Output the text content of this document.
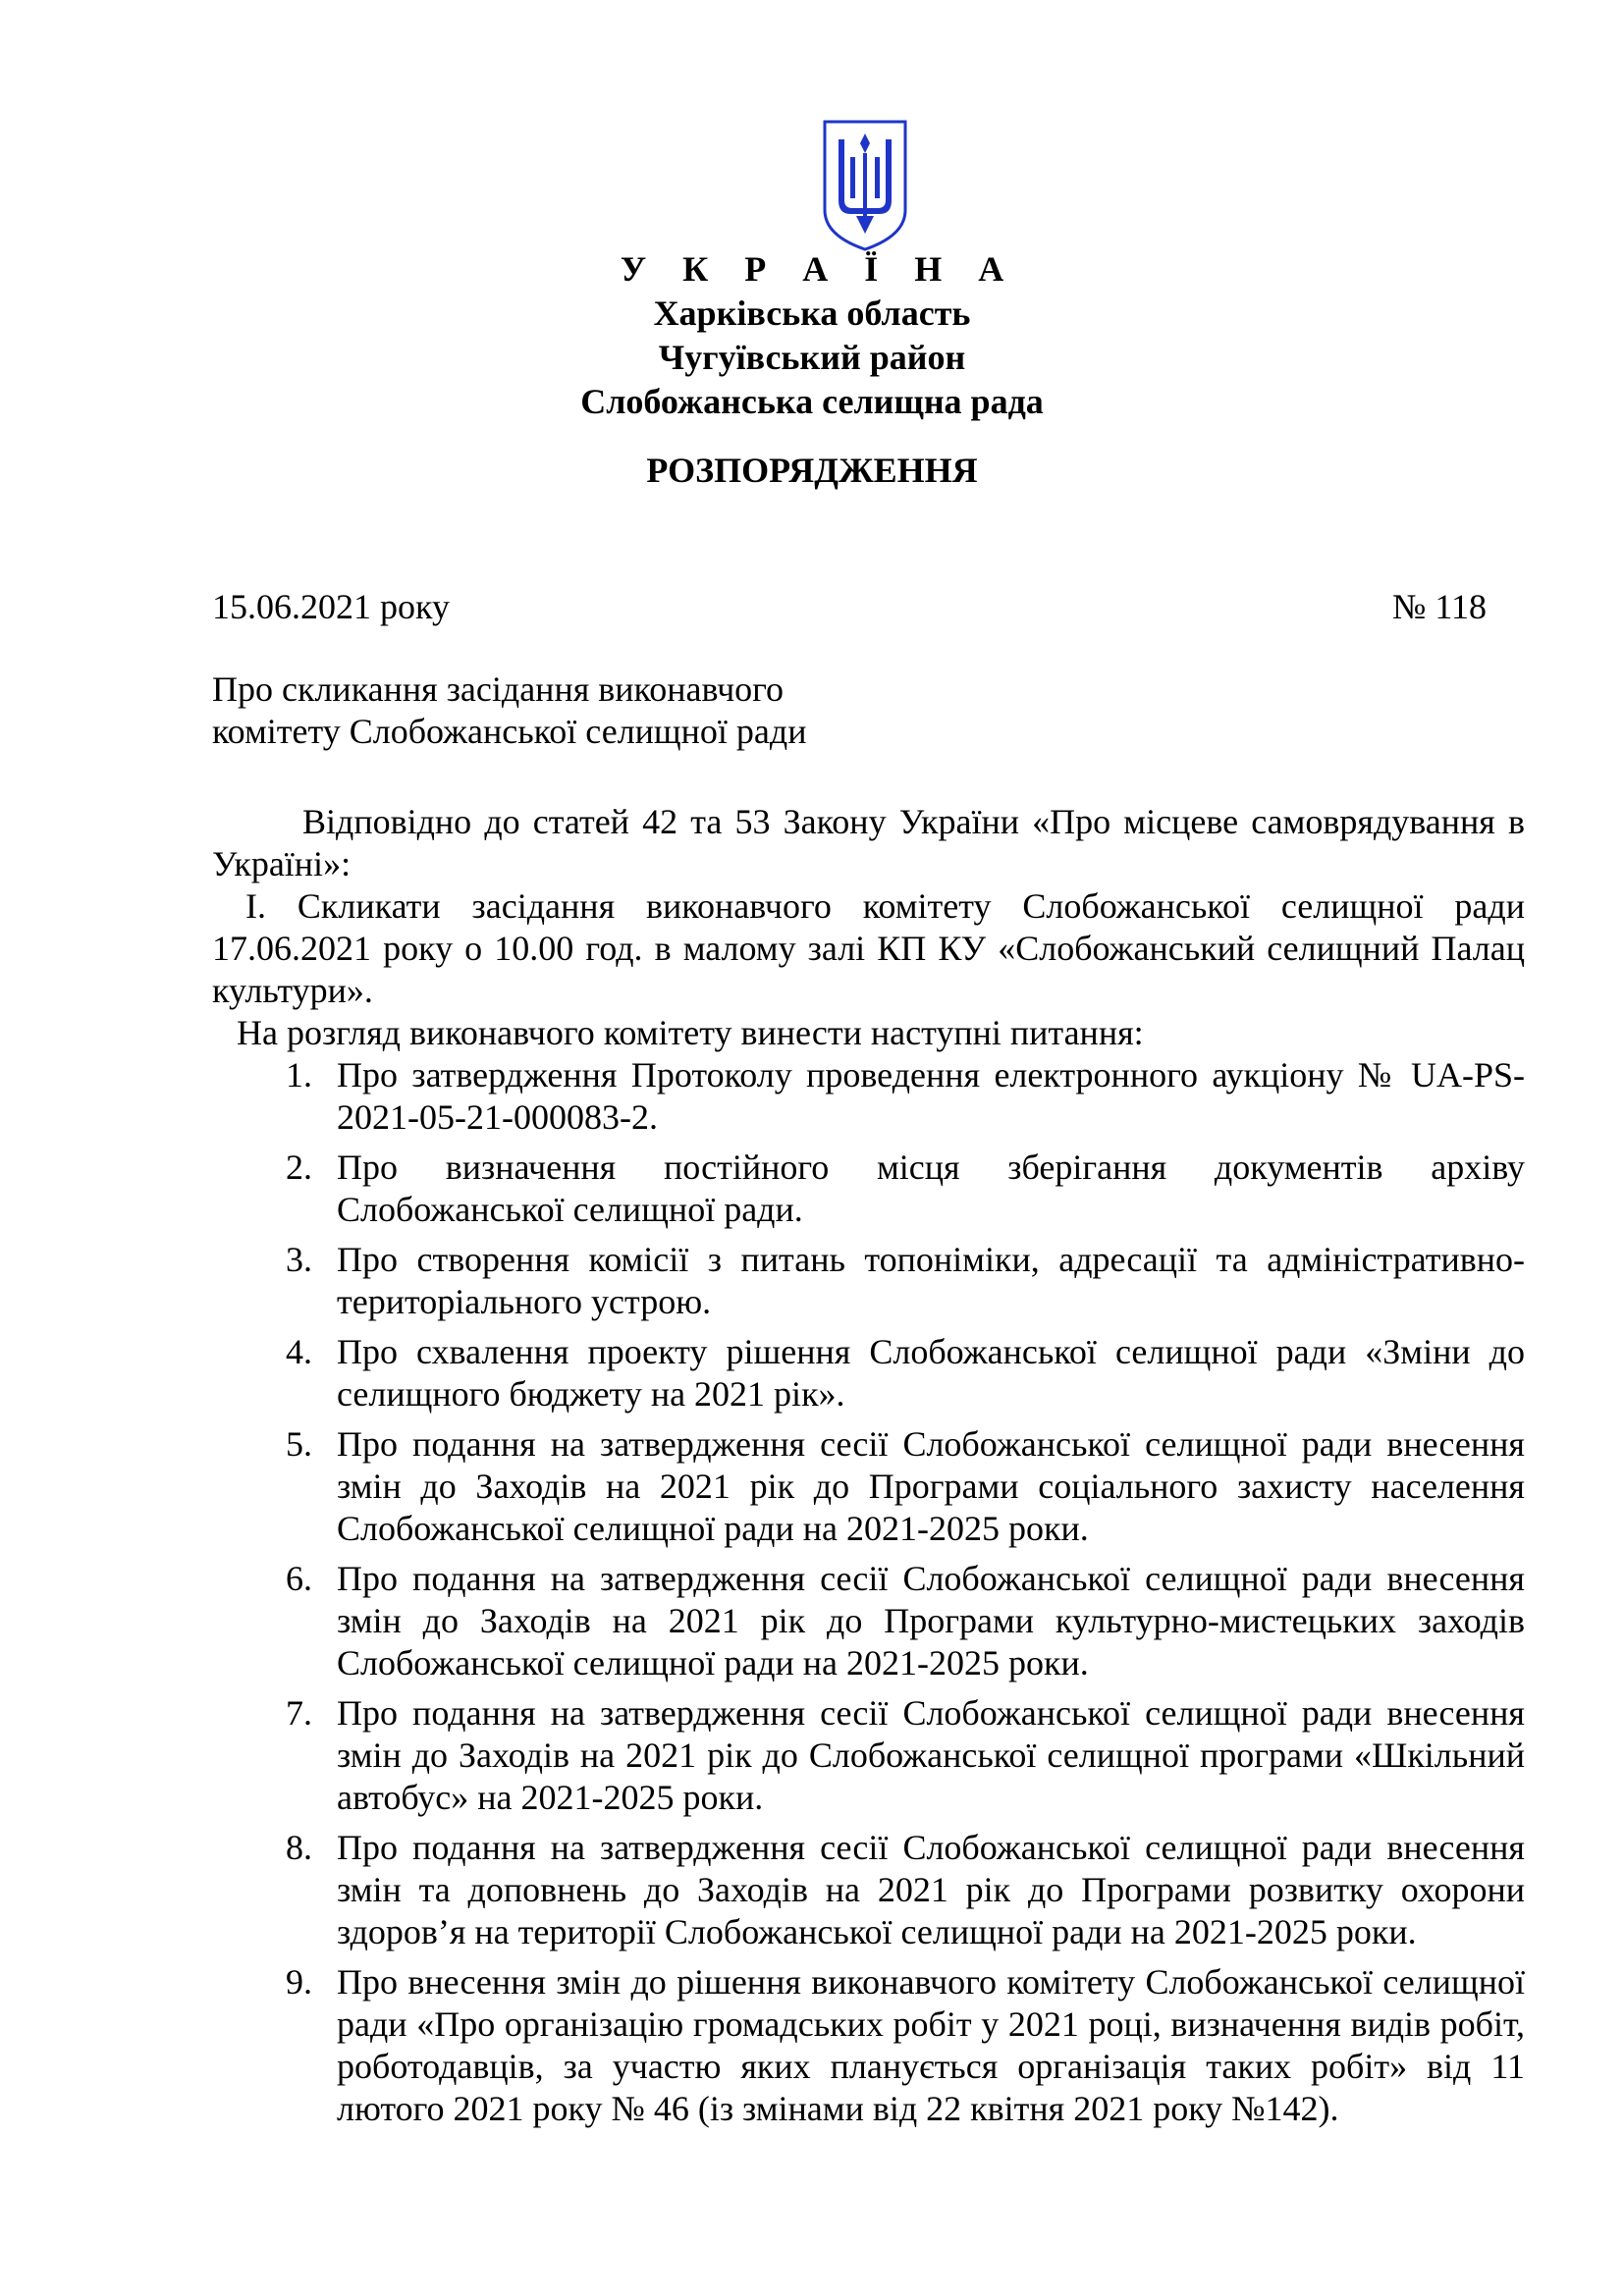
У К Р А Ї Н А
Харківська область
Чугуївський район
Слобожанська селищна рада
РОЗПОРЯДЖЕННЯ
15.06.2021 року	№ 118
Про скликання засідання виконавчого
комітету Слобожанської селищної ради

Відповідно до статей 42 та 53 Закону України «Про місцеве самоврядування в Україні»:

І. Скликати засідання виконавчого комітету Слобожанської селищної ради 17.06.2021 року о 10.00 год. в малому залі КП КУ «Слобожанський селищний Палац культури».

На розгляд виконавчого комітету винести наступні питання:

1. Про затвердження Протоколу проведення електронного аукціону № UA-PS-2021-05-21-000083-2.
2. Про визначення постійного місця зберігання документів архіву Слобожанської селищної ради.
3. Про створення комісії з питань топоніміки, адресації та адміністративно-територіального устрою.
4. Про схвалення проекту рішення Слобожанської селищної ради «Зміни до селищного бюджету на 2021 рік».
5. Про подання на затвердження сесії Слобожанської селищної ради внесення змін до Заходів на 2021 рік до Програми соціального захисту населення Слобожанської селищної ради на 2021-2025 роки.
6. Про подання на затвердження сесії Слобожанської селищної ради внесення змін до Заходів на 2021 рік до Програми культурно-мистецьких заходів Слобожанської селищної ради на 2021-2025 роки.
7. Про подання на затвердження сесії Слобожанської селищної ради внесення змін до Заходів на 2021 рік до Слобожанської селищної програми «Шкільний автобус» на 2021-2025 роки.
8. Про подання на затвердження сесії Слобожанської селищної ради внесення змін та доповнень до Заходів на 2021 рік до Програми розвитку охорони здоров’я на території Слобожанської селищної ради на 2021-2025 роки.
9. Про внесення змін до рішення виконавчого комітету Слобожанської селищної ради «Про організацію громадських робіт у 2021 році, визначення видів робіт, роботодавців, за участю яких планується організація таких робіт» від 11 лютого 2021 року № 46 (із змінами від 22 квітня 2021 року №142).
